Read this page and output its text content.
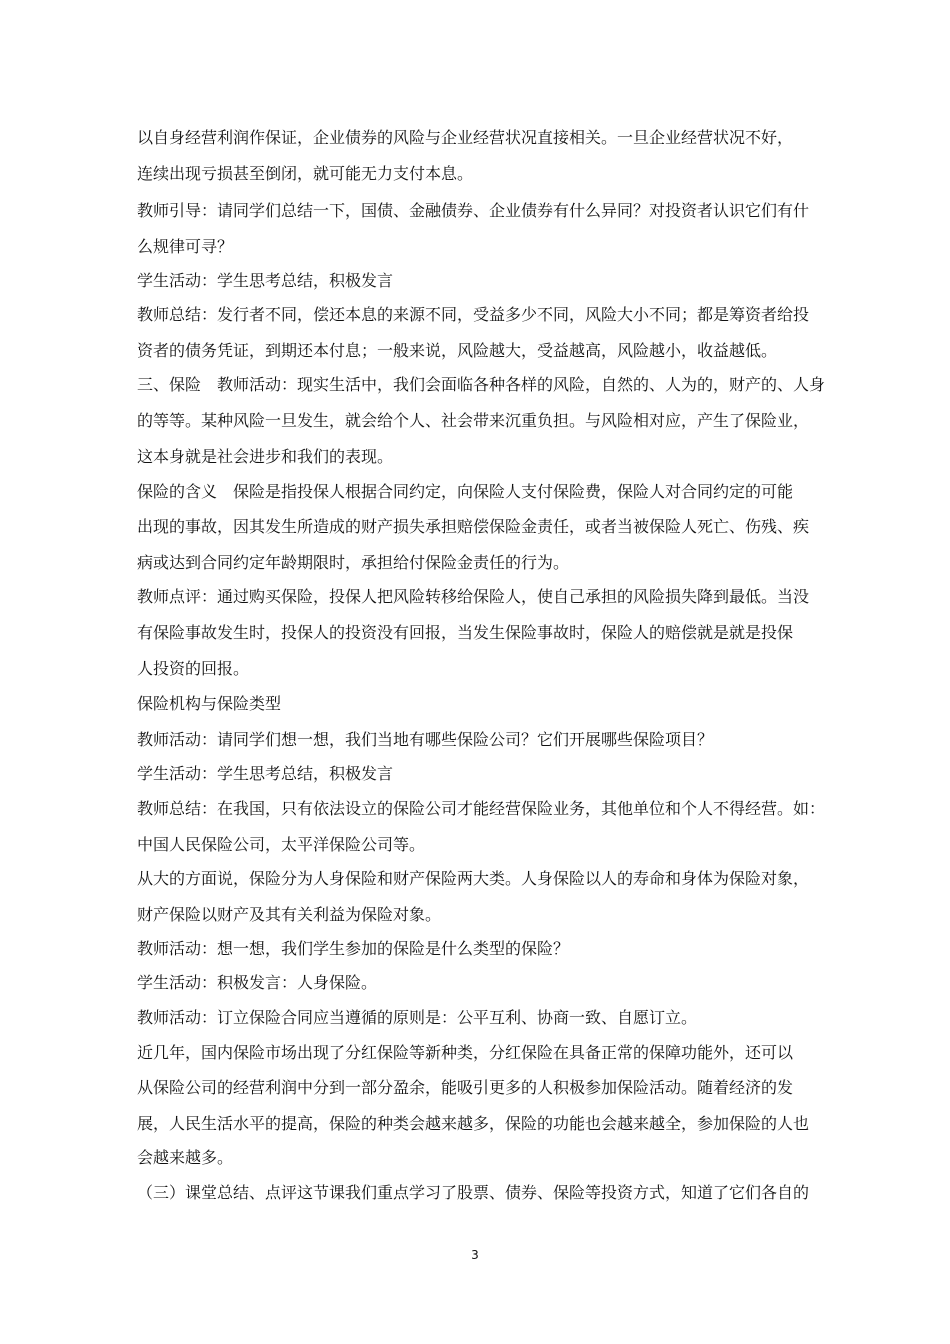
以自身经营利润作保证，企业债券的风险与企业经营状况直接相关。一旦企业经营状况不好，
连续出现亏损甚至倒闭，就可能无力支付本息。
教师引导：请同学们总结一下，国债、金融债券、企业债券有什么异同？对投资者认识它们有什
么规律可寻？
学生活动：学生思考总结，积极发言
教师总结：发行者不同，偿还本息的来源不同，受益多少不同，风险大小不同；都是筹资者给投
资者的债务凭证，到期还本付息；一般来说，风险越大，受益越高，风险越小，收益越低。
三、保险　教师活动：现实生活中，我们会面临各种各样的风险，自然的、人为的，财产的、人身
的等等。某种风险一旦发生，就会给个人、社会带来沉重负担。与风险相对应，产生了保险业，
这本身就是社会进步和我们的表现。
保险的含义　保险是指投保人根据合同约定，向保险人支付保险费，保险人对合同约定的可能
出现的事故，因其发生所造成的财产损失承担赔偿保险金责任，或者当被保险人死亡、伤残、疾
病或达到合同约定年龄期限时，承担给付保险金责任的行为。
教师点评：通过购买保险，投保人把风险转移给保险人，使自己承担的风险损失降到最低。当没
有保险事故发生时，投保人的投资没有回报，当发生保险事故时，保险人的赔偿就是就是投保
人投资的回报。
保险机构与保险类型
教师活动：请同学们想一想，我们当地有哪些保险公司？它们开展哪些保险项目？
学生活动：学生思考总结，积极发言
教师总结：在我国，只有依法设立的保险公司才能经营保险业务，其他单位和个人不得经营。如：
中国人民保险公司，太平洋保险公司等。
从大的方面说，保险分为人身保险和财产保险两大类。人身保险以人的寿命和身体为保险对象，
财产保险以财产及其有关利益为保险对象。
教师活动：想一想，我们学生参加的保险是什么类型的保险？
学生活动：积极发言：人身保险。
教师活动：订立保险合同应当遵循的原则是：公平互利、协商一致、自愿订立。
近几年，国内保险市场出现了分红保险等新种类，分红保险在具备正常的保障功能外，还可以
从保险公司的经营利润中分到一部分盈余，能吸引更多的人积极参加保险活动。随着经济的发
展，人民生活水平的提高，保险的种类会越来越多，保险的功能也会越来越全，参加保险的人也
会越来越多。
（三）课堂总结、点评这节课我们重点学习了股票、债券、保险等投资方式，知道了它们各自的
3
